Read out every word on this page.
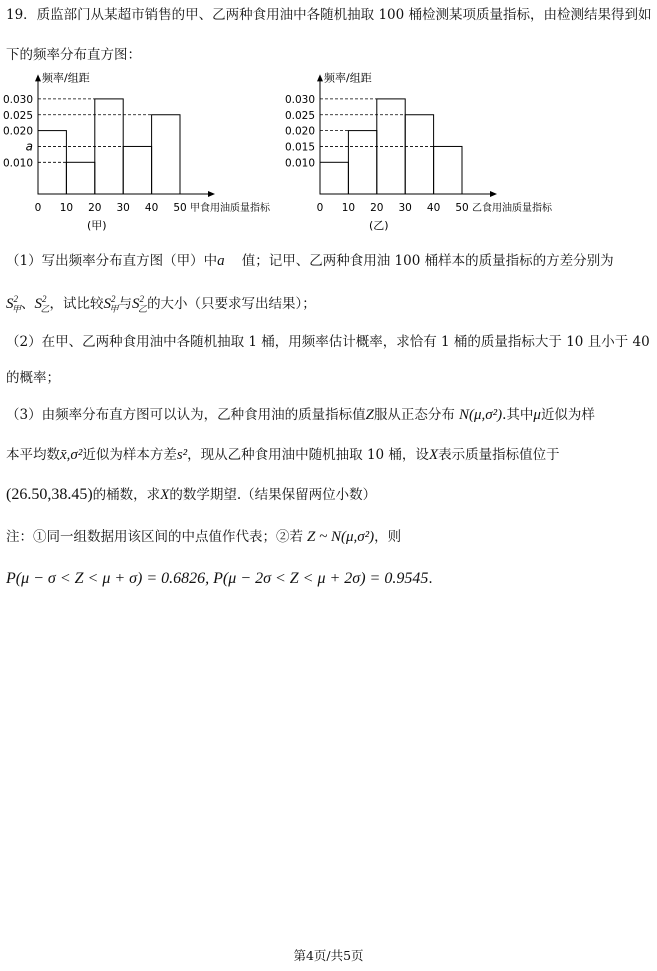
19．质监部门从某超市销售的甲、乙两种食用油中各随机抽取 100 桶检测某项质量指标，由检测结果得到如
下的频率分布直方图：
频率/组距
甲食用油质量指标
0.010
a
0.020
0.025
0.030
0 10 20 30 40 50
(甲)
频率/组距
乙食用油质量指标
0.010
0.015
0.020
0.025
0.030
0 10 20 30 40 50
(乙)
（1）写出频率分布直方图（甲）中a 值；记甲、乙两种食用油 100 桶样本的质量指标的方差分别为
$S^2_甲$、$S^2_乙$，试比较$S^2_甲$与$S^2_乙$的大小（只要求写出结果）；
（2）在甲、乙两种食用油中各随机抽取 1 桶，用频率估计概率，求恰有 1 桶的质量指标大于 10 且小于 40
的概率；
（3）由频率分布直方图可以认为，乙种食用油的质量指标值Z服从正态分布 N(μ,σ²).其中μ近似为样
本平均数x̄,σ²近似为样本方差s²，现从乙种食用油中随机抽取 10 桶，设X表示质量指标值位于
(26.50,38.45)的桶数，求X的数学期望.（结果保留两位小数）
注：①同一组数据用该区间的中点值作代表；②若 Z ~ N(μ,σ²)，则
P(μ − σ < Z < μ + σ) = 0.6826, P(μ − 2σ < Z < μ + 2σ) = 0.9545.
第4页/共5页
